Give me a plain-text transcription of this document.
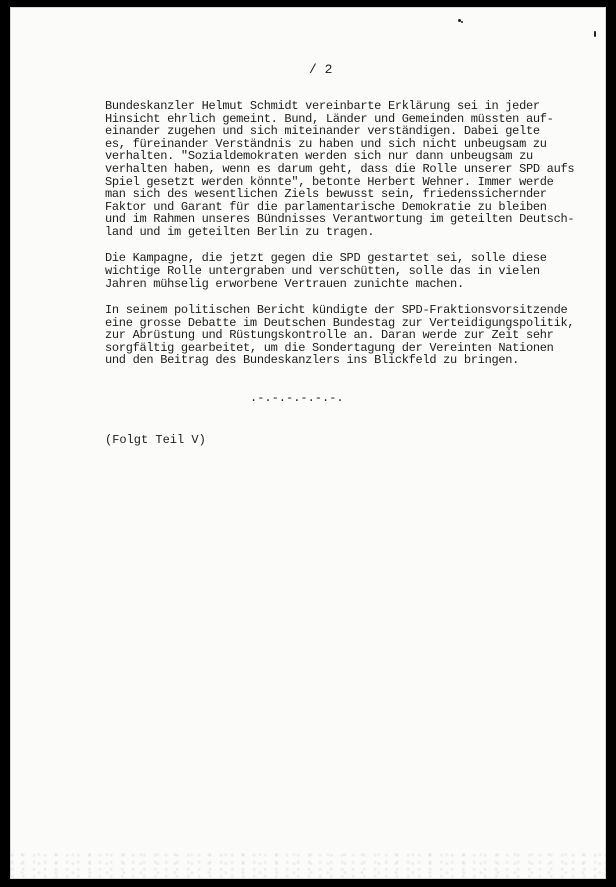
/ 2

Bundeskanzler Helmut Schmidt vereinbarte Erklärung sei in jeder
Hinsicht ehrlich gemeint. Bund, Länder und Gemeinden müssten auf-
einander zugehen und sich miteinander verständigen. Dabei gelte
es, füreinander Verständnis zu haben und sich nicht unbeugsam zu
verhalten. "Sozialdemokraten werden sich nur dann unbeugsam zu
verhalten haben, wenn es darum geht, dass die Rolle unserer SPD aufs
Spiel gesetzt werden könnte", betonte Herbert Wehner. Immer werde
man sich des wesentlichen Ziels bewusst sein, friedenssichernder
Faktor und Garant für die parlamentarische Demokratie zu bleiben
und im Rahmen unseres Bündnisses Verantwortung im geteilten Deutsch-
land und im geteilten Berlin zu tragen.

Die Kampagne, die jetzt gegen die SPD gestartet sei, solle diese
wichtige Rolle untergraben und verschütten, solle das in vielen
Jahren mühselig erworbene Vertrauen zunichte machen.

In seinem politischen Bericht kündigte der SPD-Fraktionsvorsitzende
eine grosse Debatte im Deutschen Bundestag zur Verteidigungspolitik,
zur Abrüstung und Rüstungskontrolle an. Daran werde zur Zeit sehr
sorgfältig gearbeitet, um die Sondertagung der Vereinten Nationen
und den Beitrag des Bundeskanzlers ins Blickfeld zu bringen.

.-.-.-.-.-.-.
(Folgt Teil V)
